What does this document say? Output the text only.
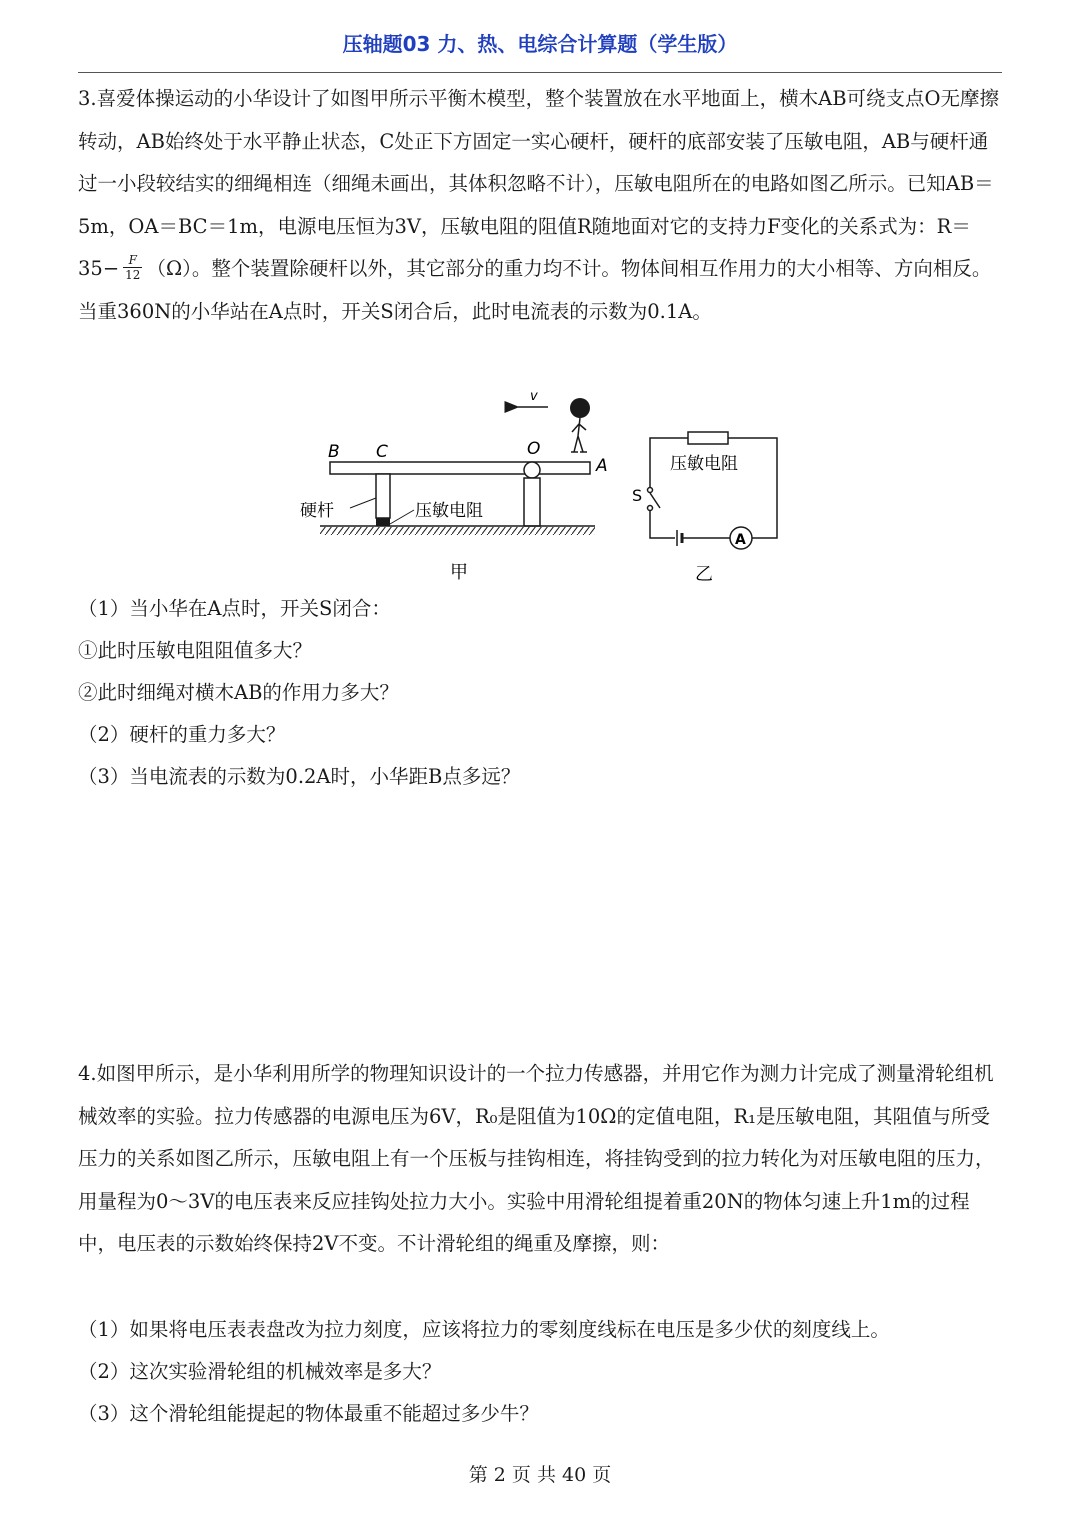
压轴题03 力、热、电综合计算题（学生版）
3.喜爱体操运动的小华设计了如图甲所示平衡木模型，整个装置放在水平地面上，横木AB可绕支点O无摩擦转动，AB始终处于水平静止状态，C处正下方固定一实心硬杆，硬杆的底部安装了压敏电阻，AB与硬杆通过一小段较结实的细绳相连（细绳未画出，其体积忽略不计），压敏电阻所在的电路如图乙所示。已知AB＝5m，OA＝BC＝1m，电源电压恒为3V，压敏电阻的阻值R随地面对它的支持力F变化的关系式为：$R=35- \frac{F}{12} (\Omega)$。整个装置除硬杆以外，其它部分的重力均不计。物体间相互作用力的大小相等、方向相反。当重360N的小华站在A点时，开关S闭合后，此时电流表的示数为0.1A。
v
B C	O
A
硬杆	压敏电阻
甲
压敏电阻
S
A
乙
（1）当小华在A点时，开关S闭合：
①此时压敏电阻阻值多大？
②此时细绳对横木AB的作用力多大？
（2）硬杆的重力多大？
（3）当电流表的示数为0.2A时，小华距B点多远？
4.如图甲所示，是小华利用所学的物理知识设计的一个拉力传感器，并用它作为测力计完成了测量滑轮组机械效率的实验。拉力传感器的电源电压为6V，R₀是阻值为10Ω的定值电阻，R₁是压敏电阻，其阻值与所受压力的关系如图乙所示，压敏电阻上有一个压板与挂钩相连，将挂钩受到的拉力转化为对压敏电阻的压力，用量程为0～3V的电压表来反应挂钩处拉力大小。实验中用滑轮组提着重20N的物体匀速上升1m的过程中，电压表的示数始终保持2V不变。不计滑轮组的绳重及摩擦，则：
（1）如果将电压表表盘改为拉力刻度，应该将拉力的零刻度线标在电压是多少伏的刻度线上。
（2）这次实验滑轮组的机械效率是多大？
（3）这个滑轮组能提起的物体最重不能超过多少牛？
第 2 页 共 40 页
